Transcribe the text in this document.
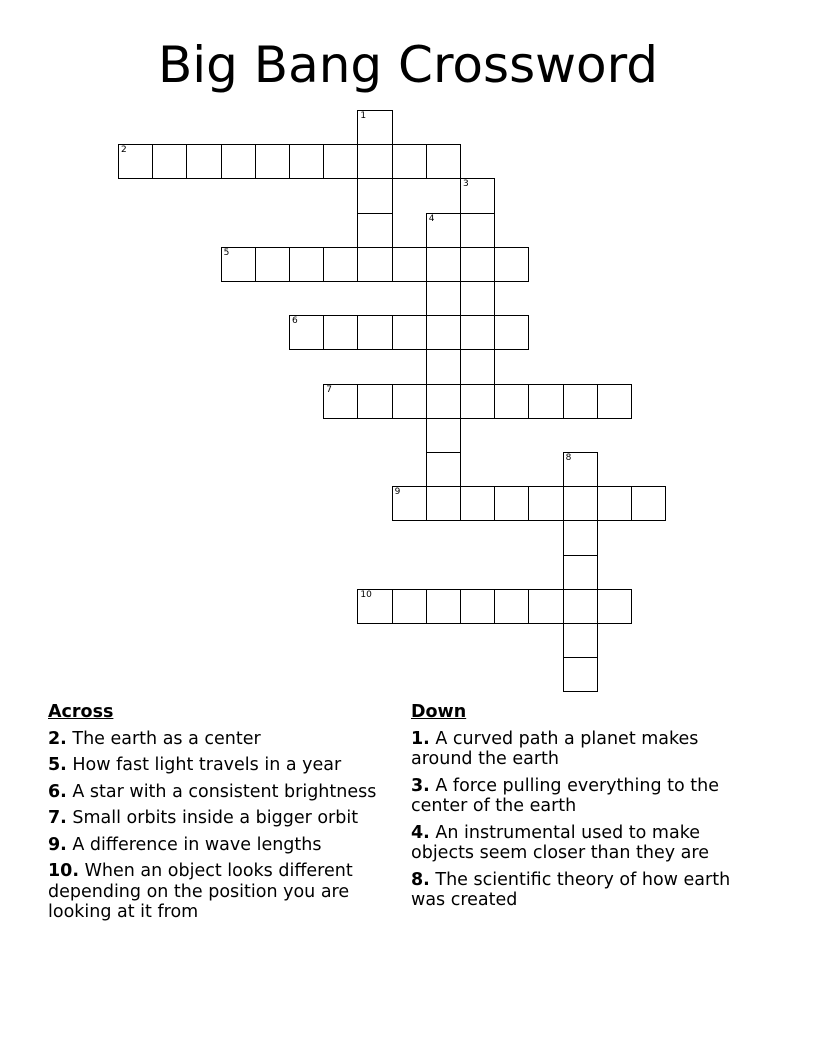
Big Bang Crossword
1
2
3
4
5
6
7
8
9
10
Across
2. The earth as a center
5. How fast light travels in a year
6. A star with a consistent brightness
7. Small orbits inside a bigger orbit
9. A difference in wave lengths
10. When an object looks different depending on the position you are looking at it from
Down
1. A curved path a planet makes around the earth
3. A force pulling everything to the center of the earth
4. An instrumental used to make objects seem closer than they are
8. The scientific theory of how earth was created
